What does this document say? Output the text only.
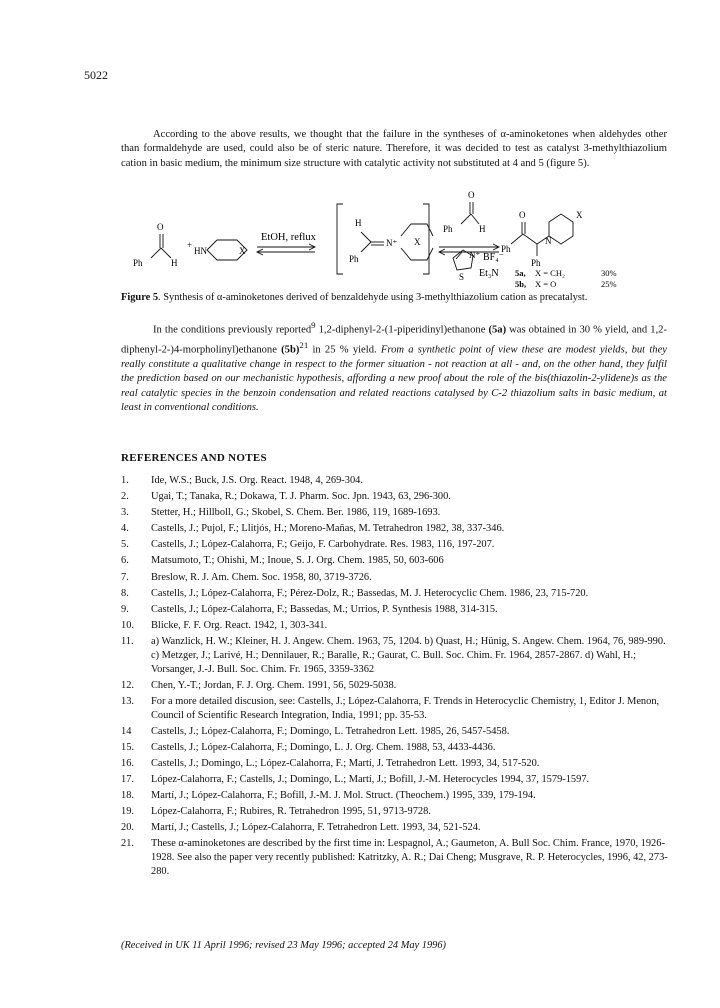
5022

According to the above results, we thought that the failure in the syntheses of α-aminoketones when aldehydes other than formaldehyde are used, could also be of steric nature. Therefore, it was decided to test as catalyst 3-methylthiazolium cation in basic medium, the minimum size structure with catalytic activity not substituted at 4 and 5 (figure 5).

O
Ph	H
+
HN	X
EtOH, reflux
H
Ph
N⁺ X
O
Ph	H
N⁺
S
BF₄⁻
Et₃N
O
Ph
N
Ph
X
5a, X = CH₂	30%
5b, X = O	25%
Figure 5. Synthesis of α-aminoketones derived of benzaldehyde using 3-methylthiazolium cation as precatalyst.

In the conditions previously reported$^9$ 1,2-diphenyl-2-(1-piperidinyl)ethanone (5a) was obtained in 30 % yield, and 1,2-diphenyl-2-)4-morpholinyl)ethanone $(5b)^{21}$ in 25 % yield. From a synthetic point of view these are modest yields, but they really constitute a qualitative change in respect to the former situation - not reaction at all - and, on the other hand, they fulfil the prediction based on our mechanistic hypothesis, affording a new proof about the role of the bis(thiazolin-2-ylidene)s as the real catalytic species in the benzoin condensation and related reactions catalysed by C-2 thiazolium salts in basic medium, at least in conventional conditions.

REFERENCES AND NOTES
1. Ide, W.S.; Buck, J.S. Org. React. 1948, 4, 269-304.
2. Ugai, T.; Tanaka, R.; Dokawa, T. J. Pharm. Soc. Jpn. 1943, 63, 296-300.
3. Stetter, H.; Hillboll, G.; Skobel, S. Chem. Ber. 1986, 119, 1689-1693.
4. Castells, J.; Pujol, F.; Llitjós, H.; Moreno-Mañas, M. Tetrahedron 1982, 38, 337-346.
5. Castells, J.; López-Calahorra, F.; Geijo, F. Carbohydrate. Res. 1983, 116, 197-207.
6. Matsumoto, T.; Ohishi, M.; Inoue, S. J. Org. Chem. 1985, 50, 603-606
7. Breslow, R. J. Am. Chem. Soc. 1958, 80, 3719-3726.
8. Castells, J.; López-Calahorra, F.; Pérez-Dolz, R.; Bassedas, M. J. Heterocyclic Chem. 1986, 23, 715-720.
9. Castells, J.; López-Calahorra, F.; Bassedas, M.; Urrios, P. Synthesis 1988, 314-315.
10. Blicke, F. F. Org. React. 1942, 1, 303-341.
11. a) Wanzlick, H. W.; Kleiner, H. J. Angew. Chem. 1963, 75, 1204. b) Quast, H.; Hünig, S. Angew. Chem. 1964, 76, 989-990. c) Metzger, J.; Larivé, H.; Dennilauer, R.; Baralle, R.; Gaurat, C. Bull. Soc. Chim. Fr. 1964, 2857-2867. d) Wahl, H.; Vorsanger, J.-J. Bull. Soc. Chim. Fr. 1965, 3359-3362
12. Chen, Y.-T.; Jordan, F. J. Org. Chem. 1991, 56, 5029-5038.
13. For a more detailed discusion, see: Castells, J.; López-Calahorra, F. Trends in Heterocyclic Chemistry, 1, Editor J. Menon, Council of Scientific Research Integration, India, 1991; pp. 35-53.
14 Castells, J.; López-Calahorra, F.; Domingo, L. Tetrahedron Lett. 1985, 26, 5457-5458.
15. Castells, J.; López-Calahorra, F.; Domingo, L. J. Org. Chem. 1988, 53, 4433-4436.
16. Castells, J.; Domingo, L.; López-Calahorra, F.; Martí, J. Tetrahedron Lett. 1993, 34, 517-520.
17. López-Calahorra, F.; Castells, J.; Domingo, L.; Martí, J.; Bofill, J.-M. Heterocycles 1994, 37, 1579-1597.
18. Martí, J.; López-Calahorra, F.; Bofill, J.-M. J. Mol. Struct. (Theochem.) 1995, 339, 179-194.
19. López-Calahorra, F.; Rubires, R. Tetrahedron 1995, 51, 9713-9728.
20. Martí, J.; Castells, J.; López-Calahorra, F. Tetrahedron Lett. 1993, 34, 521-524.
21. These α-aminoketones are described by the first time in: Lespagnol, A.; Gaumeton, A. Bull Soc. Chim. France, 1970, 1926-1928. See also the paper very recently published: Katritzky, A. R.; Dai Cheng; Musgrave, R. P. Heterocycles, 1996, 42, 273-280.
(Received in UK 11 April 1996; revised 23 May 1996; accepted 24 May 1996)
